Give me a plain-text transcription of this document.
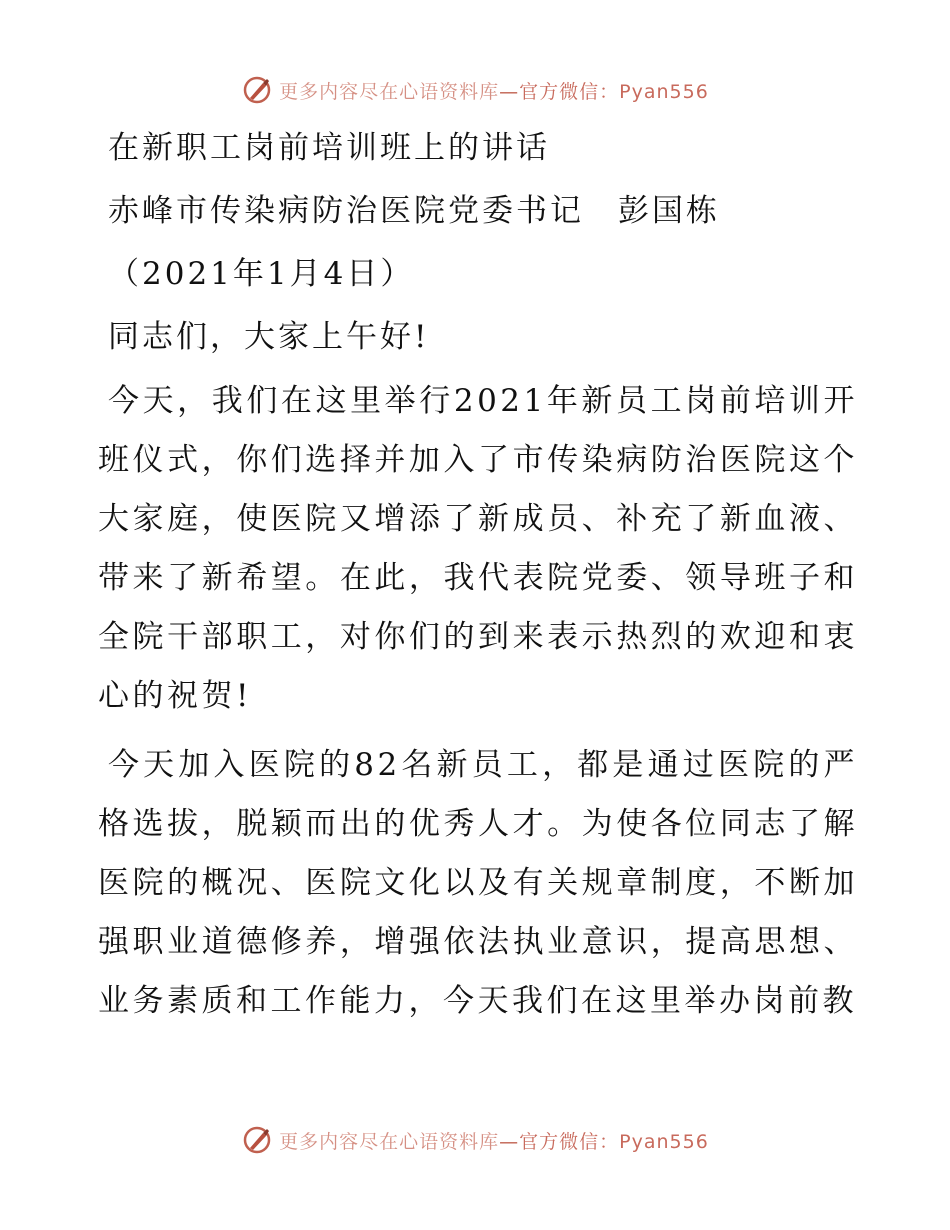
更多内容尽在心语资料库—官方微信：Pyan556

在新职工岗前培训班上的讲话

赤峰市传染病防治医院党委书记　彭国栋

（2021年1月4日）

同志们，大家上午好!

今天，我们在这里举行2021年新员工岗前培训开班仪式，你们选择并加入了市传染病防治医院这个大家庭，使医院又增添了新成员、补充了新血液、带来了新希望。在此，我代表院党委、领导班子和全院干部职工，对你们的到来表示热烈的欢迎和衷心的祝贺!

今天加入医院的82名新员工，都是通过医院的严格选拔，脱颖而出的优秀人才。为使各位同志了解医院的概况、医院文化以及有关规章制度，不断加强职业道德修养，增强依法执业意识，提高思想、业务素质和工作能力，今天我们在这里举办岗前教

更多内容尽在心语资料库—官方微信：Pyan556
